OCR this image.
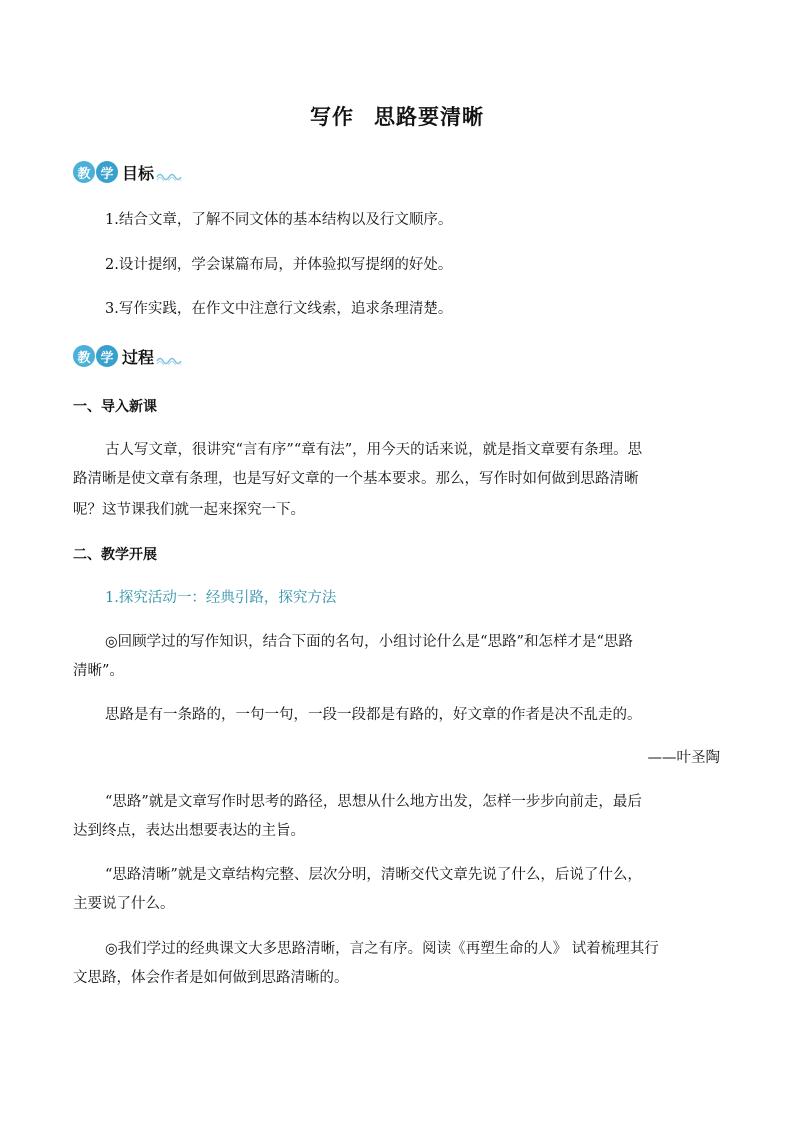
写作 思路要清晰
教 学 目标
1.结合文章，了解不同文体的基本结构以及行文顺序。
2.设计提纲，学会谋篇布局，并体验拟写提纲的好处。
3.写作实践，在作文中注意行文线索，追求条理清楚。
教 学 过程
一、导入新课
古人写文章，很讲究“言有序”“章有法”，用今天的话来说，就是指文章要有条理。思
路清晰是使文章有条理，也是写好文章的一个基本要求。那么，写作时如何做到思路清晰
呢？这节课我们就一起来探究一下。
二、教学开展
1.探究活动一：经典引路，探究方法
◎回顾学过的写作知识，结合下面的名句，小组讨论什么是“思路”和怎样才是“思路
清晰”。
思路是有一条路的，一句一句，一段一段都是有路的，好文章的作者是决不乱走的。
——叶圣陶
“思路”就是文章写作时思考的路径，思想从什么地方出发，怎样一步步向前走，最后
达到终点，表达出想要表达的主旨。
“思路清晰”就是文章结构完整、层次分明，清晰交代文章先说了什么，后说了什么，
主要说了什么。
◎我们学过的经典课文大多思路清晰，言之有序。阅读《再塑生命的人》 试着梳理其行
文思路，体会作者是如何做到思路清晰的。
